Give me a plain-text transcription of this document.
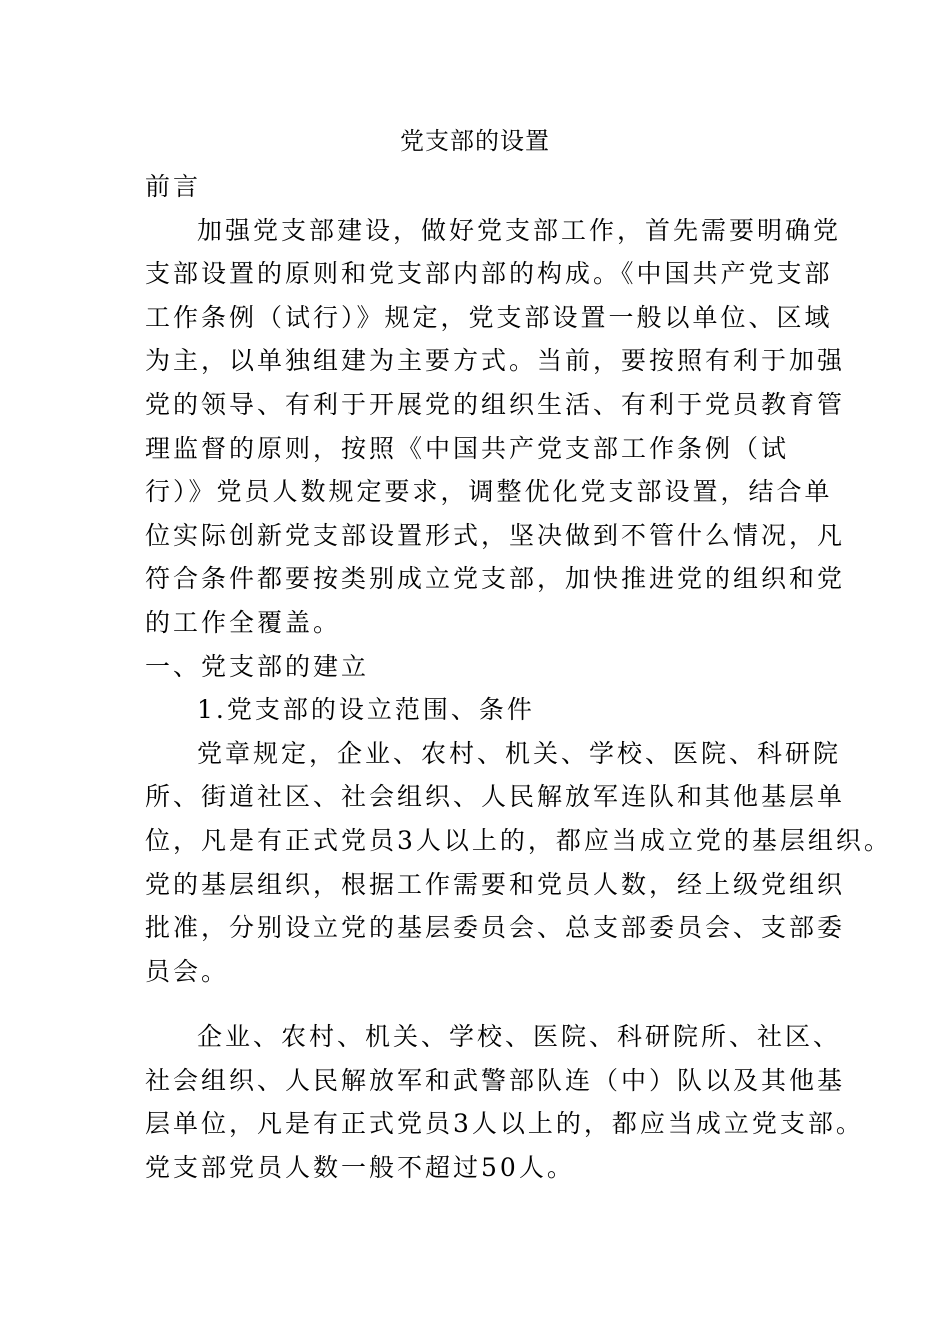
党支部的设置
前言
加强党支部建设，做好党支部工作，首先需要明确党
支部设置的原则和党支部内部的构成。《中国共产党支部
工作条例（试行）》规定，党支部设置一般以单位、区域
为主，以单独组建为主要方式。当前，要按照有利于加强
党的领导、有利于开展党的组织生活、有利于党员教育管
理监督的原则，按照《中国共产党支部工作条例（试
行）》党员人数规定要求，调整优化党支部设置，结合单
位实际创新党支部设置形式，坚决做到不管什么情况，凡
符合条件都要按类别成立党支部，加快推进党的组织和党
的工作全覆盖。
一、党支部的建立
1.党支部的设立范围、条件
党章规定，企业、农村、机关、学校、医院、科研院
所、街道社区、社会组织、人民解放军连队和其他基层单
位，凡是有正式党员3人以上的，都应当成立党的基层组织。
党的基层组织，根据工作需要和党员人数，经上级党组织
批准，分别设立党的基层委员会、总支部委员会、支部委
员会。
企业、农村、机关、学校、医院、科研院所、社区、
社会组织、人民解放军和武警部队连（中）队以及其他基
层单位，凡是有正式党员3人以上的，都应当成立党支部。
党支部党员人数一般不超过50人。
